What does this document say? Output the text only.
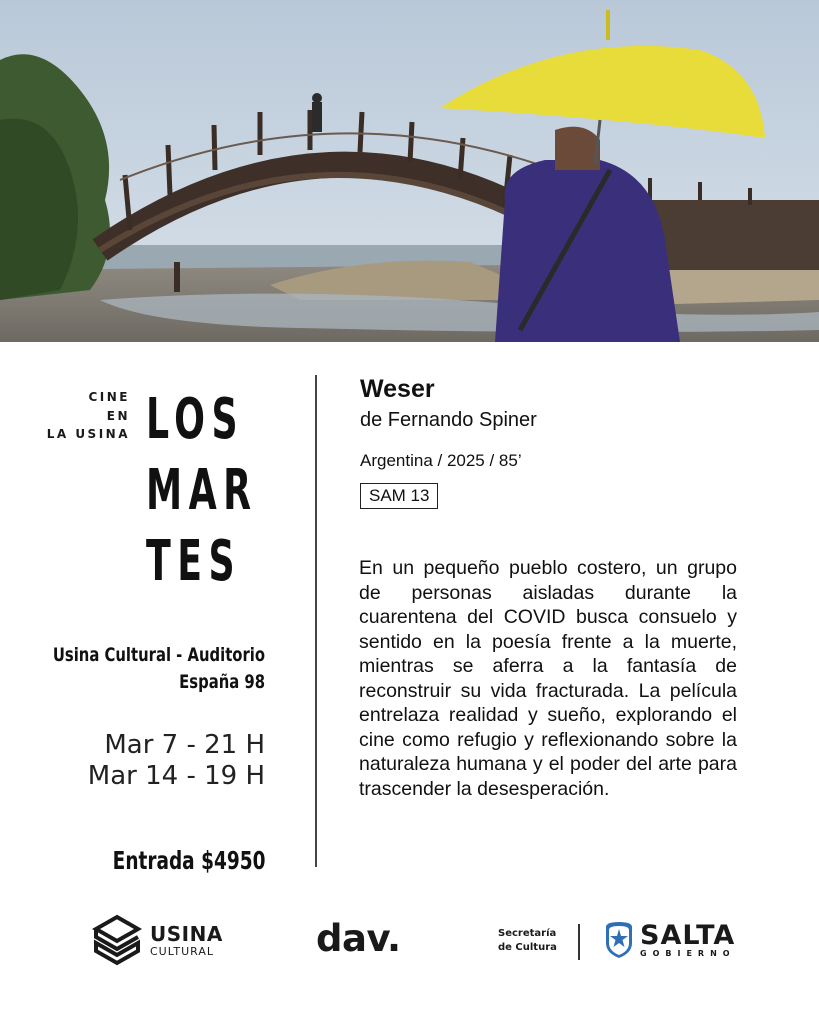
CINE
EN
LA USINA LOS
MAR
TES
Usina Cultural - Auditorio
España 98
Mar 7 - 21 H
Mar 14 - 19 H
Entrada $4950
Weser
de Fernando Spiner
Argentina / 2025 / 85’
SAM 13
En un pequeño pueblo costero, un grupo de personas aisladas durante la cuarentena del COVID busca consuelo y sentido en la poesía frente a la muerte, mientras se aferra a la fantasía de reconstruir su vida fracturada. La película entrelaza realidad y sueño, explorando el cine como refugio y reflexionando sobre la naturaleza humana y el poder del arte para trascender la desesperación.
USINA
CULTURAL	dav.	Secretaría
de Cultura	SALTA
GOBIERNO
